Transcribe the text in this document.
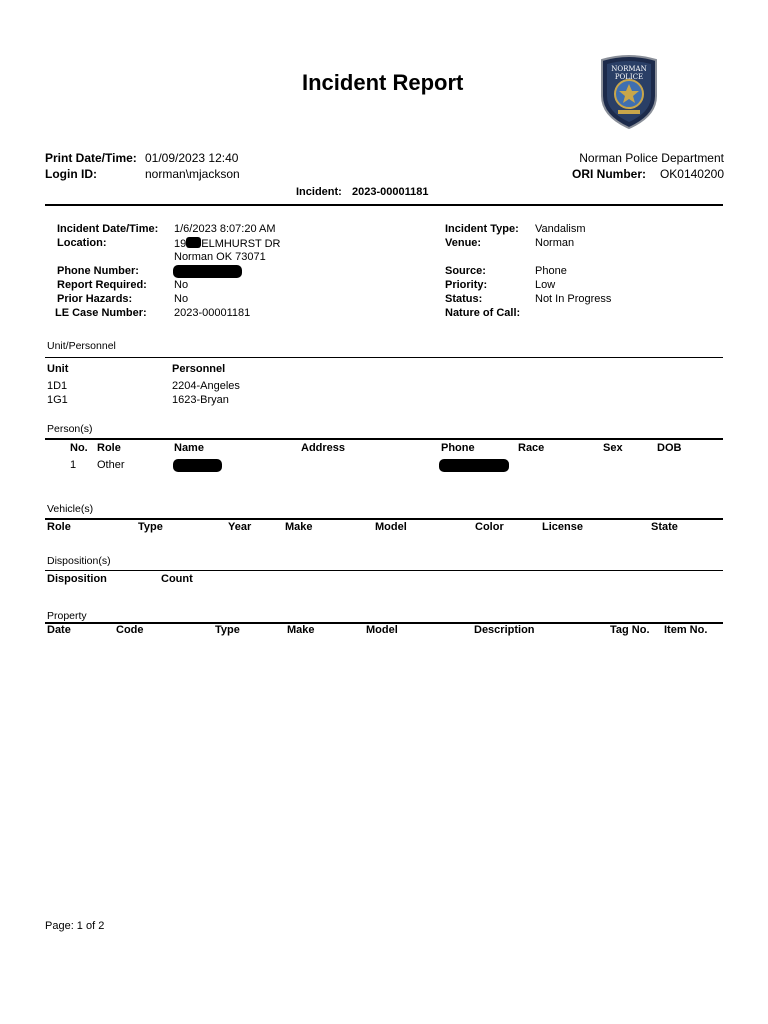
Incident Report
NORMAN
POLICE
Print Date/Time: 01/09/2023 12:40
Login ID:	norman\mjackson
Norman Police Department
ORI Number: OK0140200
Incident: 2023-00001181
Incident Date/Time: 1/6/2023 8:07:20 AM
Location:	19 ELMHURST DR
Norman OK 73071
Phone Number:
Report Required: No
Prior Hazards:	No
LE Case Number: 2023-00001181
Incident Type: Vandalism
Venue:	Norman
Source:	Phone
Priority:	Low
Status:	Not In Progress
Nature of Call:
Unit/Personnel
Unit	Personnel
1D1	2204-Angeles
1G1	1623-Bryan
Person(s)
No. Role	Name	Address	Phone	Race	Sex	DOB
1 Other
Vehicle(s)
Role	Type	Year	Make	Model	Color	License	State
Disposition(s)
Disposition	Count
Property
Date	Code	Type	Make	Model	Description	Tag No. Item No.
Page: 1 of 2
